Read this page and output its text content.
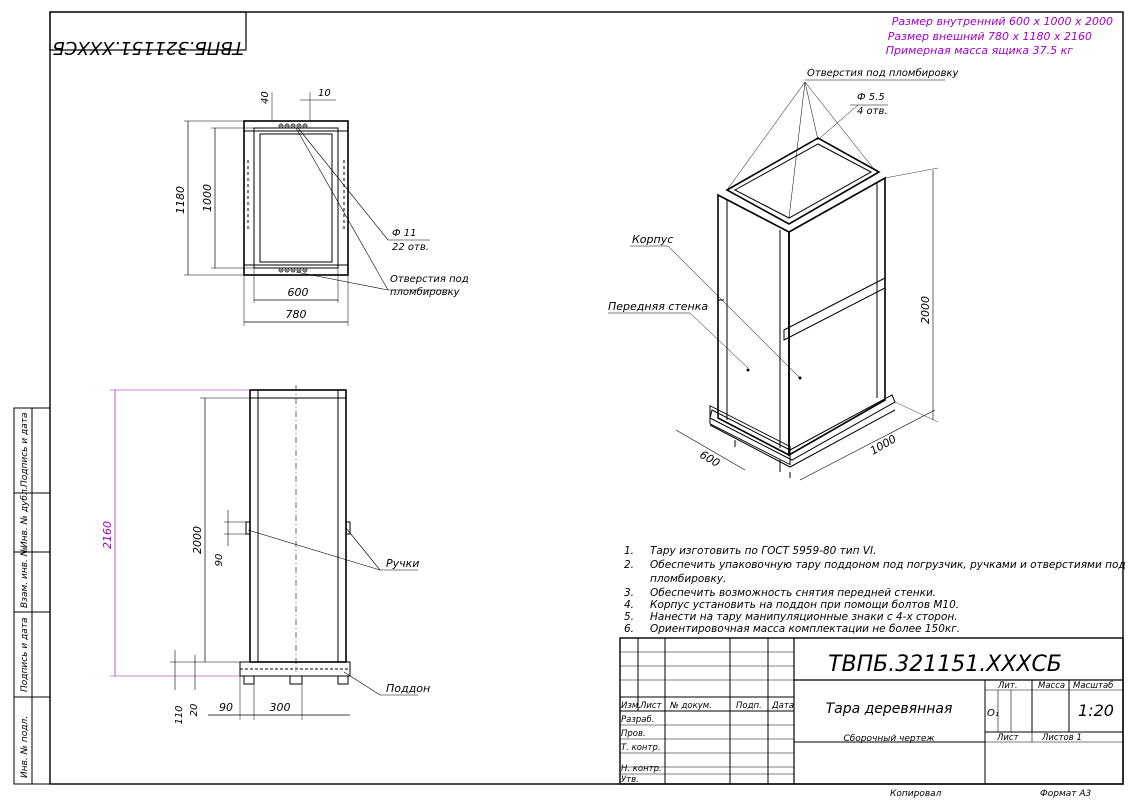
ТВПБ.321151.ХХХСБ
Подпись и дата
Инв. № дубл.
Взам. инв. №
Подпись и дата
Инв. № подл.
Размер внутренний 600 х 1000 х 2000
Размер внешний 780 х 1180 х 2160
Примерная масса ящика 37.5 кг
1180 1000
40	10
600
780
Ф 11
22 отв.
Отверстия под
пломбировку
2160	2000
90
110 20 90	300
Ручки
Поддон
2000
600
1000
Отверстия под пломбировку
Ф 5.5
4 отв.
Корпус
Передняя стенка
1. Тару изготовить по ГОСТ 5959-80 тип VI.
2. Обеспечить упаковочную тару поддоном под погрузчик, ручками и отверстиями под
пломбировку.
3. Обеспечить возможность снятия передней стенки.
4. Корпус установить на поддон при помощи болтов М10.
5. Нанести на тару манипуляционные знаки с 4-х сторон.
6. Ориентировочная масса комплектации не более 150кг.
ТВПБ.321151.ХХХСБ
Изм. Лист № докум.	Подп. Дата
Разраб.
Пров.
Т. контр.
Н. контр.
Утв.
Тара деревянная
Сборочный чертеж
Лит. Масса Масштаб
О₁	1:20
Лист	Листов 1
Копировал	Формат А3
